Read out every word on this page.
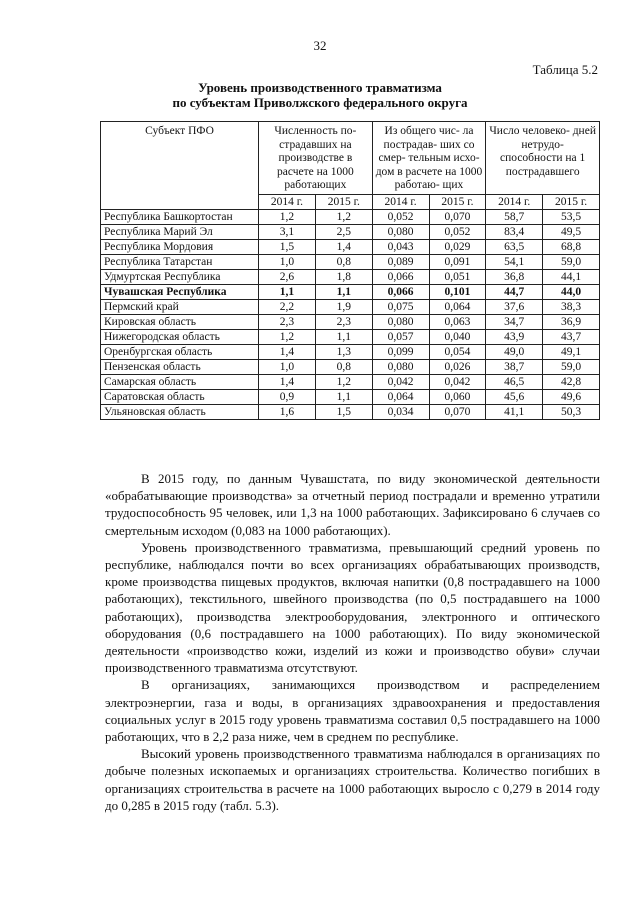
32
Таблица 5.2
Уровень производственного травматизма
по субъектам Приволжского федерального округа
Субъект ПФО	Численность по- страдавших на производстве в расчете на 1000 работающих		Из общего чис- ла пострадав- ших со смер- тельным исхо- дом в расчете на 1000 работаю- щих		Число человеко- дней нетрудо- способности на 1 пострадавшего	
	2014 г.	2015 г.	2014 г.	2015 г.	2014 г.	2015 г.
Республика Башкортостан	1,2	1,2	0,052	0,070	58,7	53,5
Республика Марий Эл	3,1	2,5	0,080	0,052	83,4	49,5
Республика Мордовия	1,5	1,4	0,043	0,029	63,5	68,8
Республика Татарстан	1,0	0,8	0,089	0,091	54,1	59,0
Удмуртская Республика	2,6	1,8	0,066	0,051	36,8	44,1
Чувашская Республика	1,1	1,1	0,066	0,101	44,7	44,0
Пермский край	2,2	1,9	0,075	0,064	37,6	38,3
Кировская область	2,3	2,3	0,080	0,063	34,7	36,9
Нижегородская область	1,2	1,1	0,057	0,040	43,9	43,7
Оренбургская область	1,4	1,3	0,099	0,054	49,0	49,1
Пензенская область	1,0	0,8	0,080	0,026	38,7	59,0
Самарская область	1,4	1,2	0,042	0,042	46,5	42,8
Саратовская область	0,9	1,1	0,064	0,060	45,6	49,6
Ульяновская область	1,6	1,5	0,034	0,070	41,1	50,3

В 2015 году, по данным Чувашстата, по виду экономической деятельности «обрабатывающие производства» за отчетный период пострадали и временно утратили трудоспособность 95 человек, или 1,3 на 1000 работающих. Зафиксировано 6 случаев со смертельным исходом (0,083 на 1000 работающих).

Уровень производственного травматизма, превышающий средний уровень по республике, наблюдался почти во всех организациях обрабатывающих производств, кроме производства пищевых продуктов, включая напитки (0,8 пострадавшего на 1000 работающих), текстильного, швейного производства (по 0,5 пострадавшего на 1000 работающих), производства электрооборудования, электронного и оптического оборудования (0,6 пострадавшего на 1000 работающих). По виду экономической деятельности «производство кожи, изделий из кожи и производство обуви» случаи производственного травматизма отсутствуют.

В организациях, занимающихся производством и распределением электроэнергии, газа и воды, в организациях здравоохранения и предоставления социальных услуг в 2015 году уровень травматизма составил 0,5 пострадавшего на 1000 работающих, что в 2,2 раза ниже, чем в среднем по республике.

Высокий уровень производственного травматизма наблюдался в организациях по добыче полезных ископаемых и организациях строительства. Количество погибших в организациях строительства в расчете на 1000 работающих выросло с 0,279 в 2014 году до 0,285 в 2015 году (табл. 5.3).
